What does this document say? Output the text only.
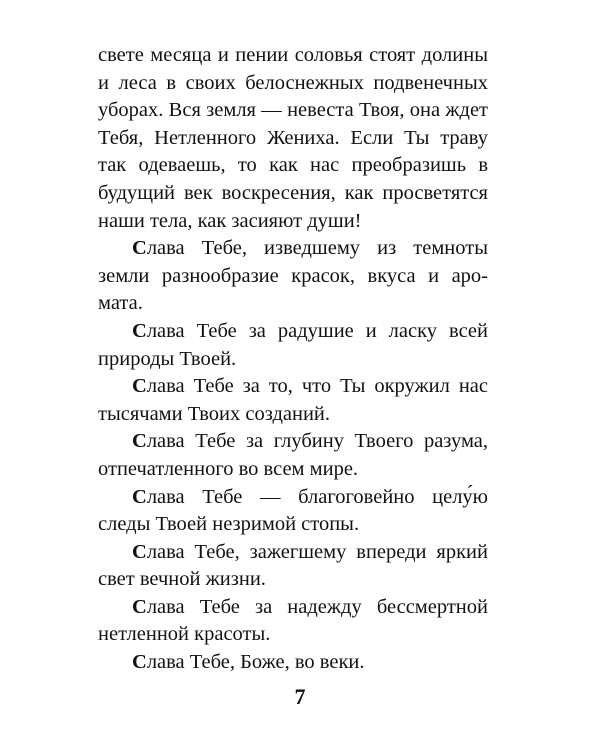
свете месяца и пении соловья стоят долины и леса в своих белоснежных подвенечных уборах. Вся земля — невеста Твоя, она ждет Тебя, Нетленного Жениха. Если Ты траву так одеваешь, то как нас преобразишь в будущий век воскресения, как просветятся наши тела, как засияют души!

Слава Тебе, изведшему из темноты земли разнообразие красок, вкуса и аромата.

Слава Тебе за радушие и ласку всей природы Твоей.

Слава Тебе за то, что Ты окружил нас тысячами Твоих созданий.

Слава Тебе за глубину Твоего разума, отпечатленного во всем мире.

Слава Тебе — благоговейно целу́ю следы Твоей незримой стопы.

Слава Тебе, зажегшему впереди яркий свет вечной жизни.

Слава Тебе за надежду бессмертной нетленной красоты.

Слава Тебе, Боже, во веки.

7
